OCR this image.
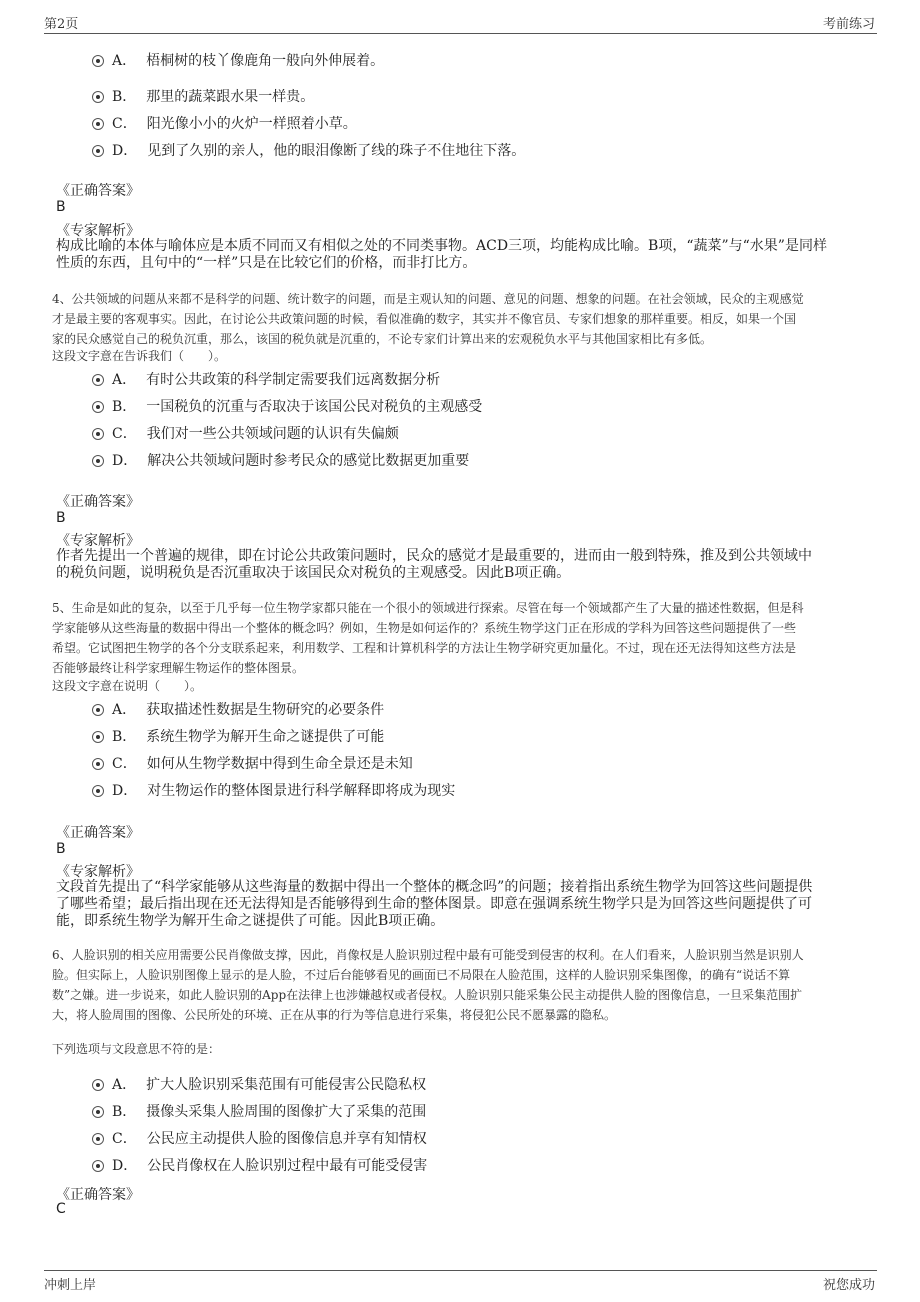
第2页	考前练习
A． 梧桐树的枝丫像鹿角一般向外伸展着。
B． 那里的蔬菜跟水果一样贵。
C． 阳光像小小的火炉一样照着小草。
D． 见到了久别的亲人，他的眼泪像断了线的珠子不住地往下落。
《正确答案》
B
《专家解析》
构成比喻的本体与喻体应是本质不同而又有相似之处的不同类事物。ACD三项，均能构成比喻。B项，“蔬菜”与“水果”是同样
性质的东西，且句中的“一样”只是在比较它们的价格，而非打比方。
4、公共领域的问题从来都不是科学的问题、统计数字的问题，而是主观认知的问题、意见的问题、想象的问题。在社会领域，民众的主观感觉
才是最主要的客观事实。因此，在讨论公共政策问题的时候，看似准确的数字，其实并不像官员、专家们想象的那样重要。相反，如果一个国
家的民众感觉自己的税负沉重，那么，该国的税负就是沉重的，不论专家们计算出来的宏观税负水平与其他国家相比有多低。
这段文字意在告诉我们（　　）。
A． 有时公共政策的科学制定需要我们远离数据分析
B． 一国税负的沉重与否取决于该国公民对税负的主观感受
C． 我们对一些公共领域问题的认识有失偏颇
D． 解决公共领域问题时参考民众的感觉比数据更加重要
《正确答案》
B
《专家解析》
作者先提出一个普遍的规律，即在讨论公共政策问题时，民众的感觉才是最重要的，进而由一般到特殊，推及到公共领域中
的税负问题，说明税负是否沉重取决于该国民众对税负的主观感受。因此B项正确。
5、生命是如此的复杂，以至于几乎每一位生物学家都只能在一个很小的领域进行探索。尽管在每一个领域都产生了大量的描述性数据，但是科
学家能够从这些海量的数据中得出一个整体的概念吗？例如，生物是如何运作的？系统生物学这门正在形成的学科为回答这些问题提供了一些
希望。它试图把生物学的各个分支联系起来，利用数学、工程和计算机科学的方法让生物学研究更加量化。不过，现在还无法得知这些方法是
否能够最终让科学家理解生物运作的整体图景。
这段文字意在说明（　　）。
A． 获取描述性数据是生物研究的必要条件
B． 系统生物学为解开生命之谜提供了可能
C． 如何从生物学数据中得到生命全景还是未知
D． 对生物运作的整体图景进行科学解释即将成为现实
《正确答案》
B
《专家解析》
文段首先提出了“科学家能够从这些海量的数据中得出一个整体的概念吗”的问题；接着指出系统生物学为回答这些问题提供
了哪些希望；最后指出现在还无法得知是否能够得到生命的整体图景。即意在强调系统生物学只是为回答这些问题提供了可
能，即系统生物学为解开生命之谜提供了可能。因此B项正确。
6、人脸识别的相关应用需要公民肖像做支撑，因此，肖像权是人脸识别过程中最有可能受到侵害的权利。在人们看来，人脸识别当然是识别人
脸。但实际上，人脸识别图像上显示的是人脸，不过后台能够看见的画面已不局限在人脸范围，这样的人脸识别采集图像，的确有“说话不算
数”之嫌。进一步说来，如此人脸识别的App在法律上也涉嫌越权或者侵权。人脸识别只能采集公民主动提供人脸的图像信息，一旦采集范围扩
大，将人脸周围的图像、公民所处的环境、正在从事的行为等信息进行采集，将侵犯公民不愿暴露的隐私。
下列选项与文段意思不符的是：
A． 扩大人脸识别采集范围有可能侵害公民隐私权
B． 摄像头采集人脸周围的图像扩大了采集的范围
C． 公民应主动提供人脸的图像信息并享有知情权
D． 公民肖像权在人脸识别过程中最有可能受侵害
《正确答案》
C
冲刺上岸	祝您成功
